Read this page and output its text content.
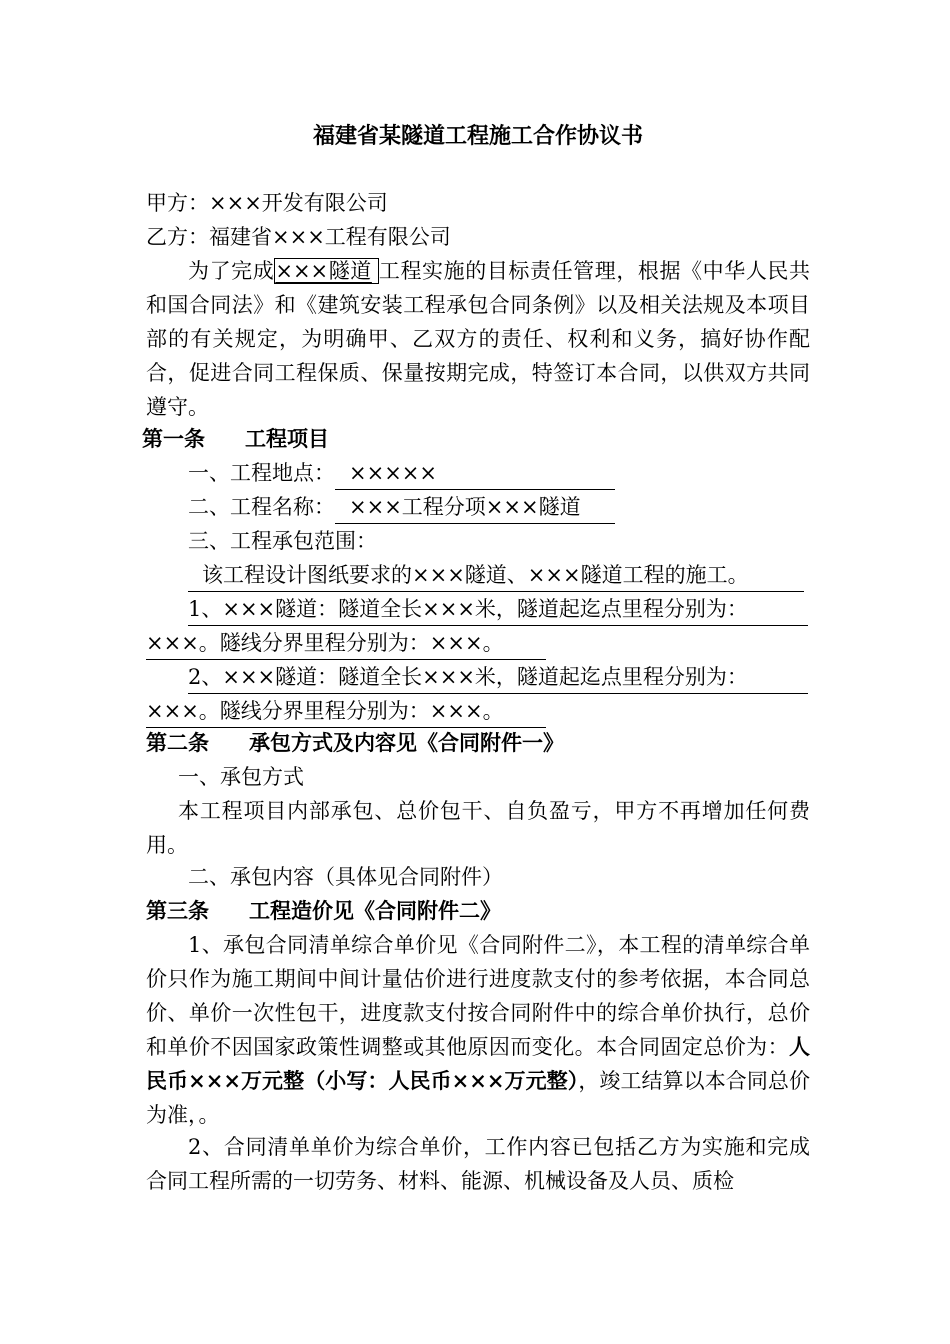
福建省某隧道工程施工合作协议书
甲方：×××开发有限公司
乙方：福建省×××工程有限公司
为了完成×××隧道 工程实施的目标责任管理，根据《中华人民共和国合同法》和《建筑安装工程承包合同条例》以及相关法规及本项目部的有关规定，为明确甲、乙双方的责任、权利和义务，搞好协作配合，促进合同工程保质、保量按期完成，特签订本合同，以供双方共同遵守。
第一条 工程项目
一、工程地点： ×××××
二、工程名称： ×××工程分项×××隧道
三、工程承包范围：
该工程设计图纸要求的×××隧道、×××隧道工程的施工。
1、×××隧道：隧道全长×××米，隧道起迄点里程分别为：
×××。隧线分界里程分别为：×××。
2、×××隧道：隧道全长×××米，隧道起迄点里程分别为：
×××。隧线分界里程分别为：×××。
第二条 承包方式及内容见《合同附件一》
一、承包方式
本工程项目内部承包、总价包干、自负盈亏，甲方不再增加任何费用。
二、承包内容（具体见合同附件）
第三条 工程造价见《合同附件二》
1、承包合同清单综合单价见《合同附件二》，本工程的清单综合单价只作为施工期间中间计量估价进行进度款支付的参考依据，本合同总价、单价一次性包干，进度款支付按合同附件中的综合单价执行，总价和单价不因国家政策性调整或其他原因而变化。本合同固定总价为：人民币×××万元整（小写：人民币×××万元整），竣工结算以本合同总价为准，。
2、合同清单单价为综合单价，工作内容已包括乙方为实施和完成合同工程所需的一切劳务、材料、能源、机械设备及人员、质检
